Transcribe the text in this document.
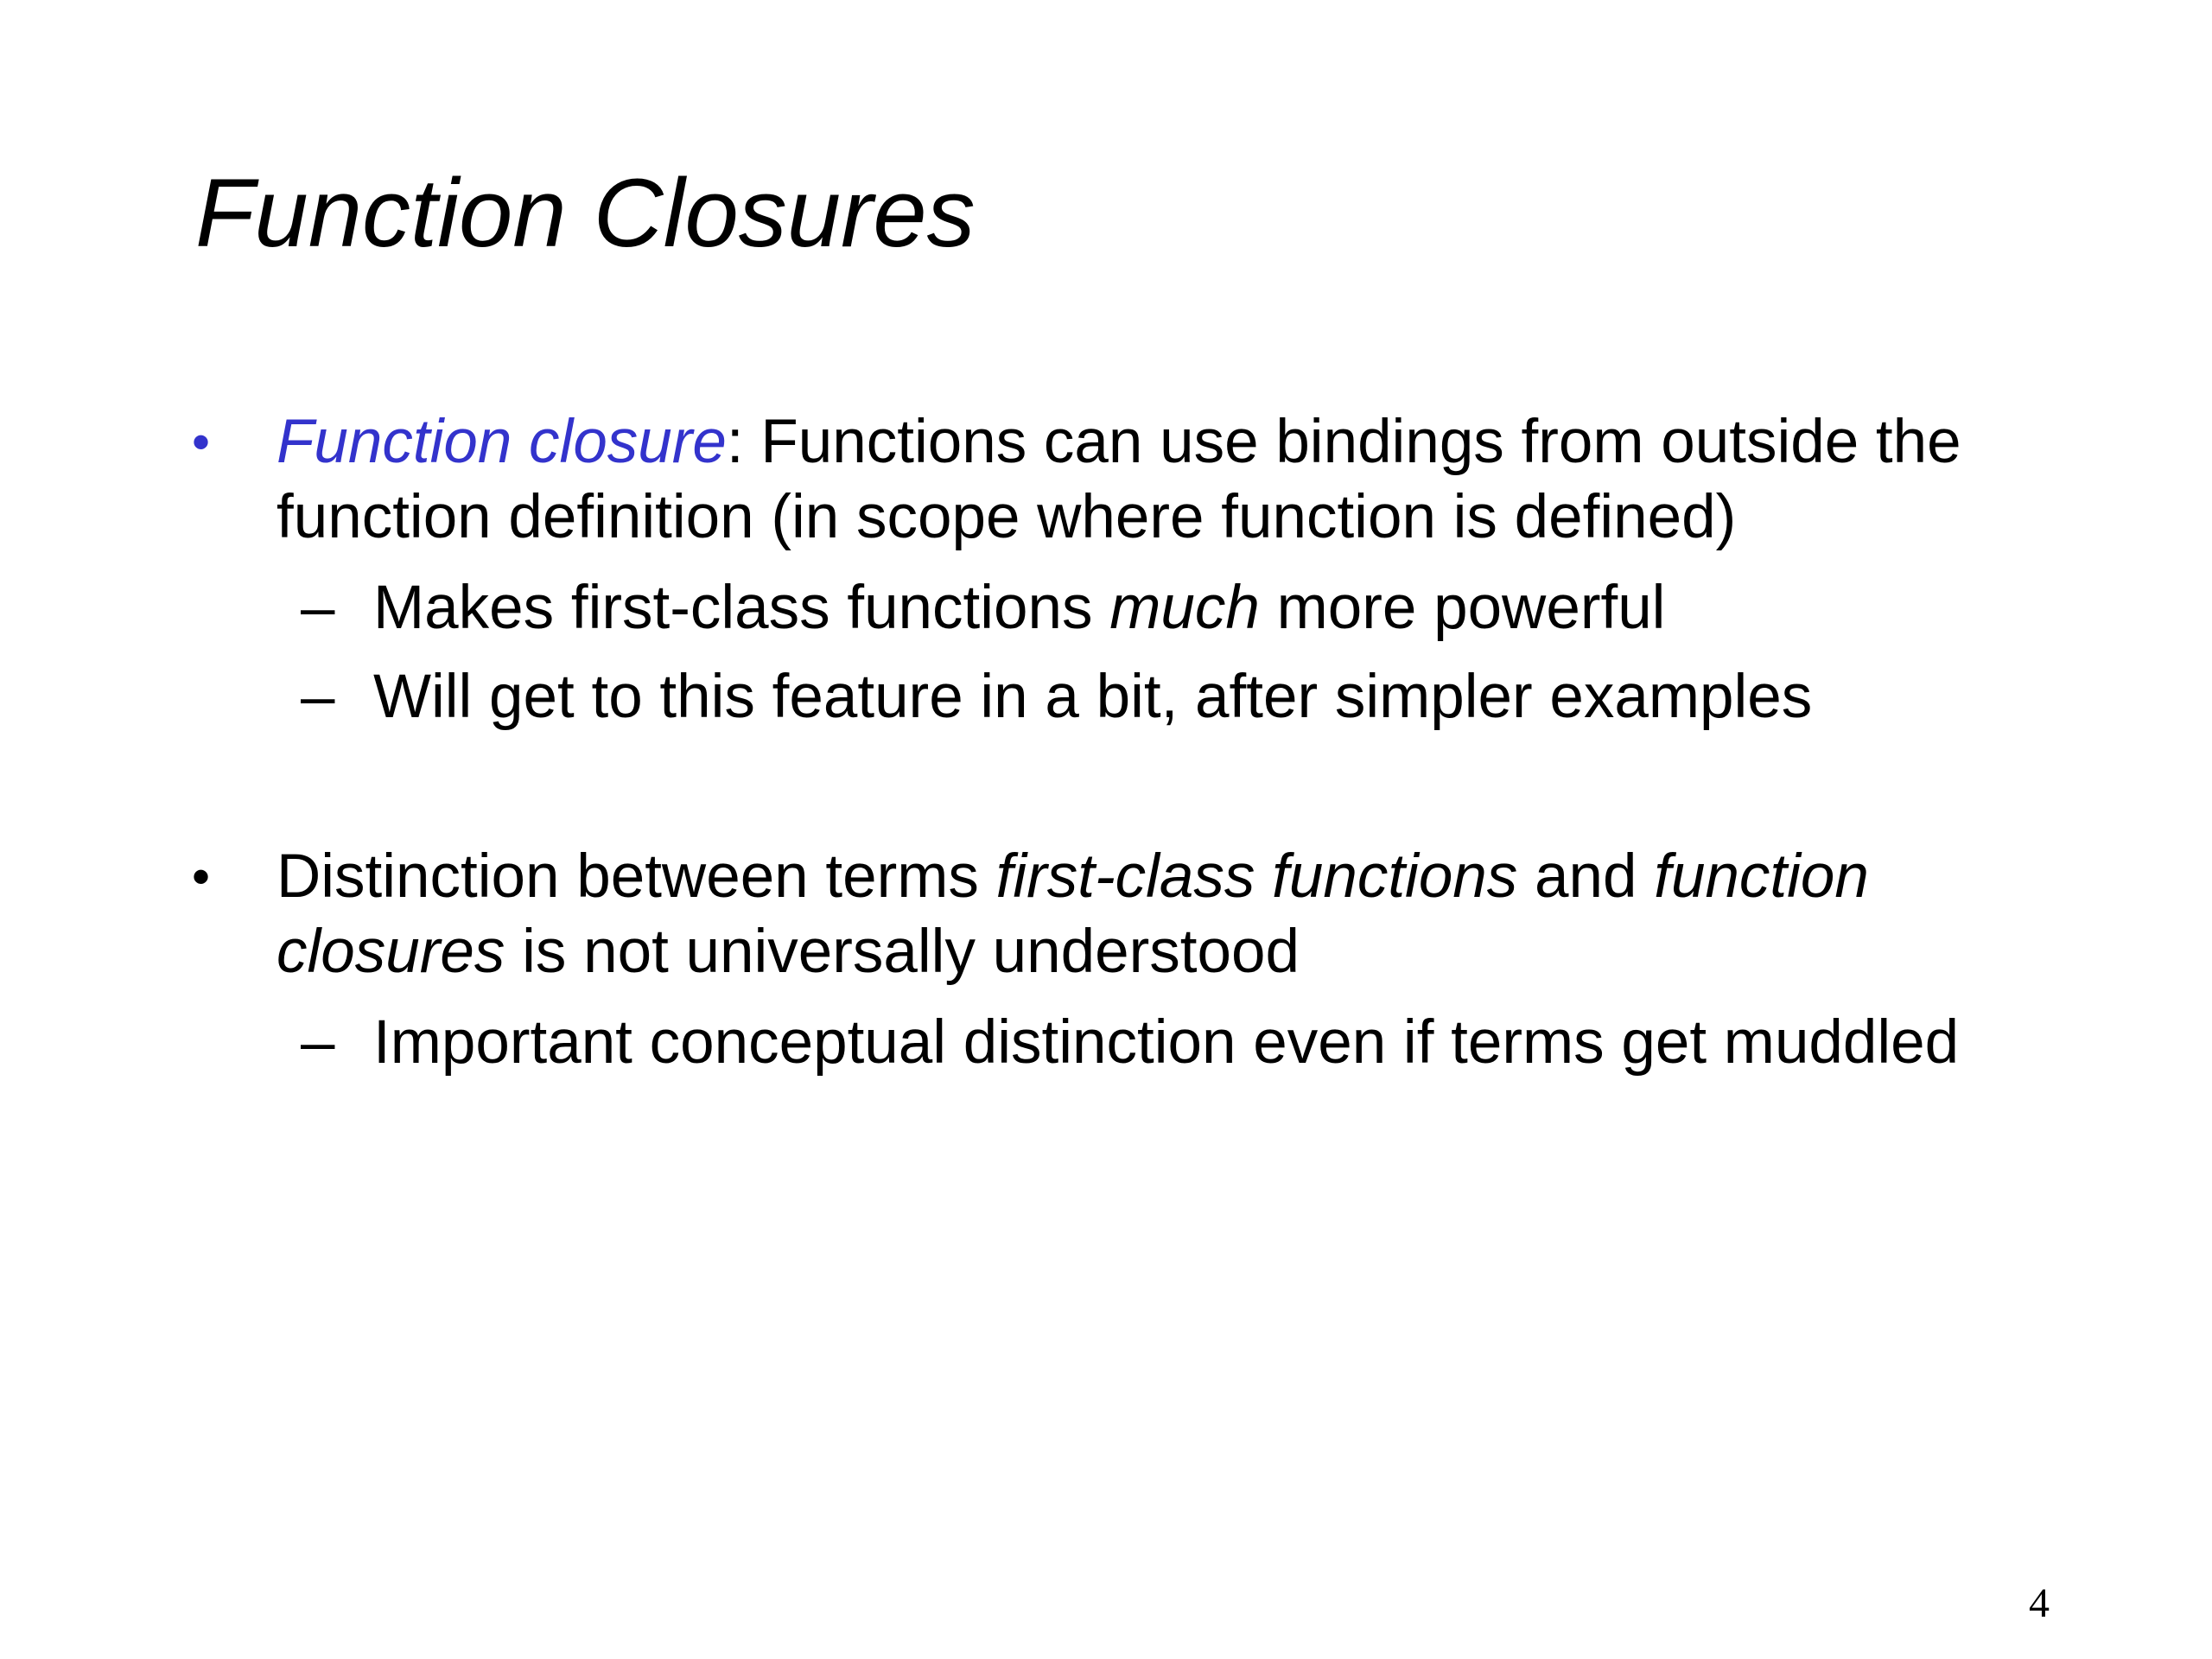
Function Closures
• Function closure: Functions can use bindings from outside the function definition (in scope where function is defined)
– Makes first-class functions much more powerful
– Will get to this feature in a bit, after simpler examples
• Distinction between terms first-class functions and function closures is not universally understood
– Important conceptual distinction even if terms get muddled
4
